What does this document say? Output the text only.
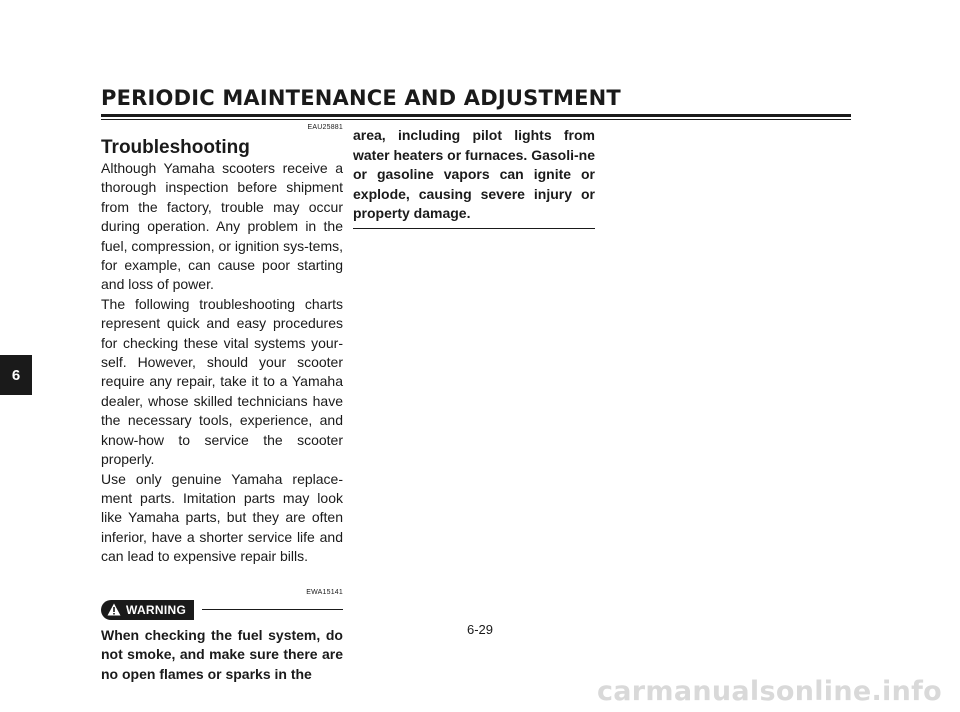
PERIODIC MAINTENANCE AND ADJUSTMENT
6
EAU25881
Troubleshooting

Although Yamaha scooters receive a thorough inspection before shipment from the factory, trouble may occur during operation. Any problem in the fuel, compression, or ignition sys-tems, for example, can cause poor starting and loss of power.

The following troubleshooting charts represent quick and easy procedures for checking these vital systems your-self. However, should your scooter require any repair, take it to a Yamaha dealer, whose skilled technicians have the necessary tools, experience, and know-how to service the scooter properly.

Use only genuine Yamaha replace-ment parts. Imitation parts may look like Yamaha parts, but they are often inferior, have a shorter service life and can lead to expensive repair bills.

EWA15141
WARNING

When checking the fuel system, do not smoke, and make sure there are no open flames or sparks in the

area, including pilot lights from water heaters or furnaces. Gasoli-ne or gasoline vapors can ignite or explode, causing severe injury or property damage.

6-29
carmanualsonline.info
